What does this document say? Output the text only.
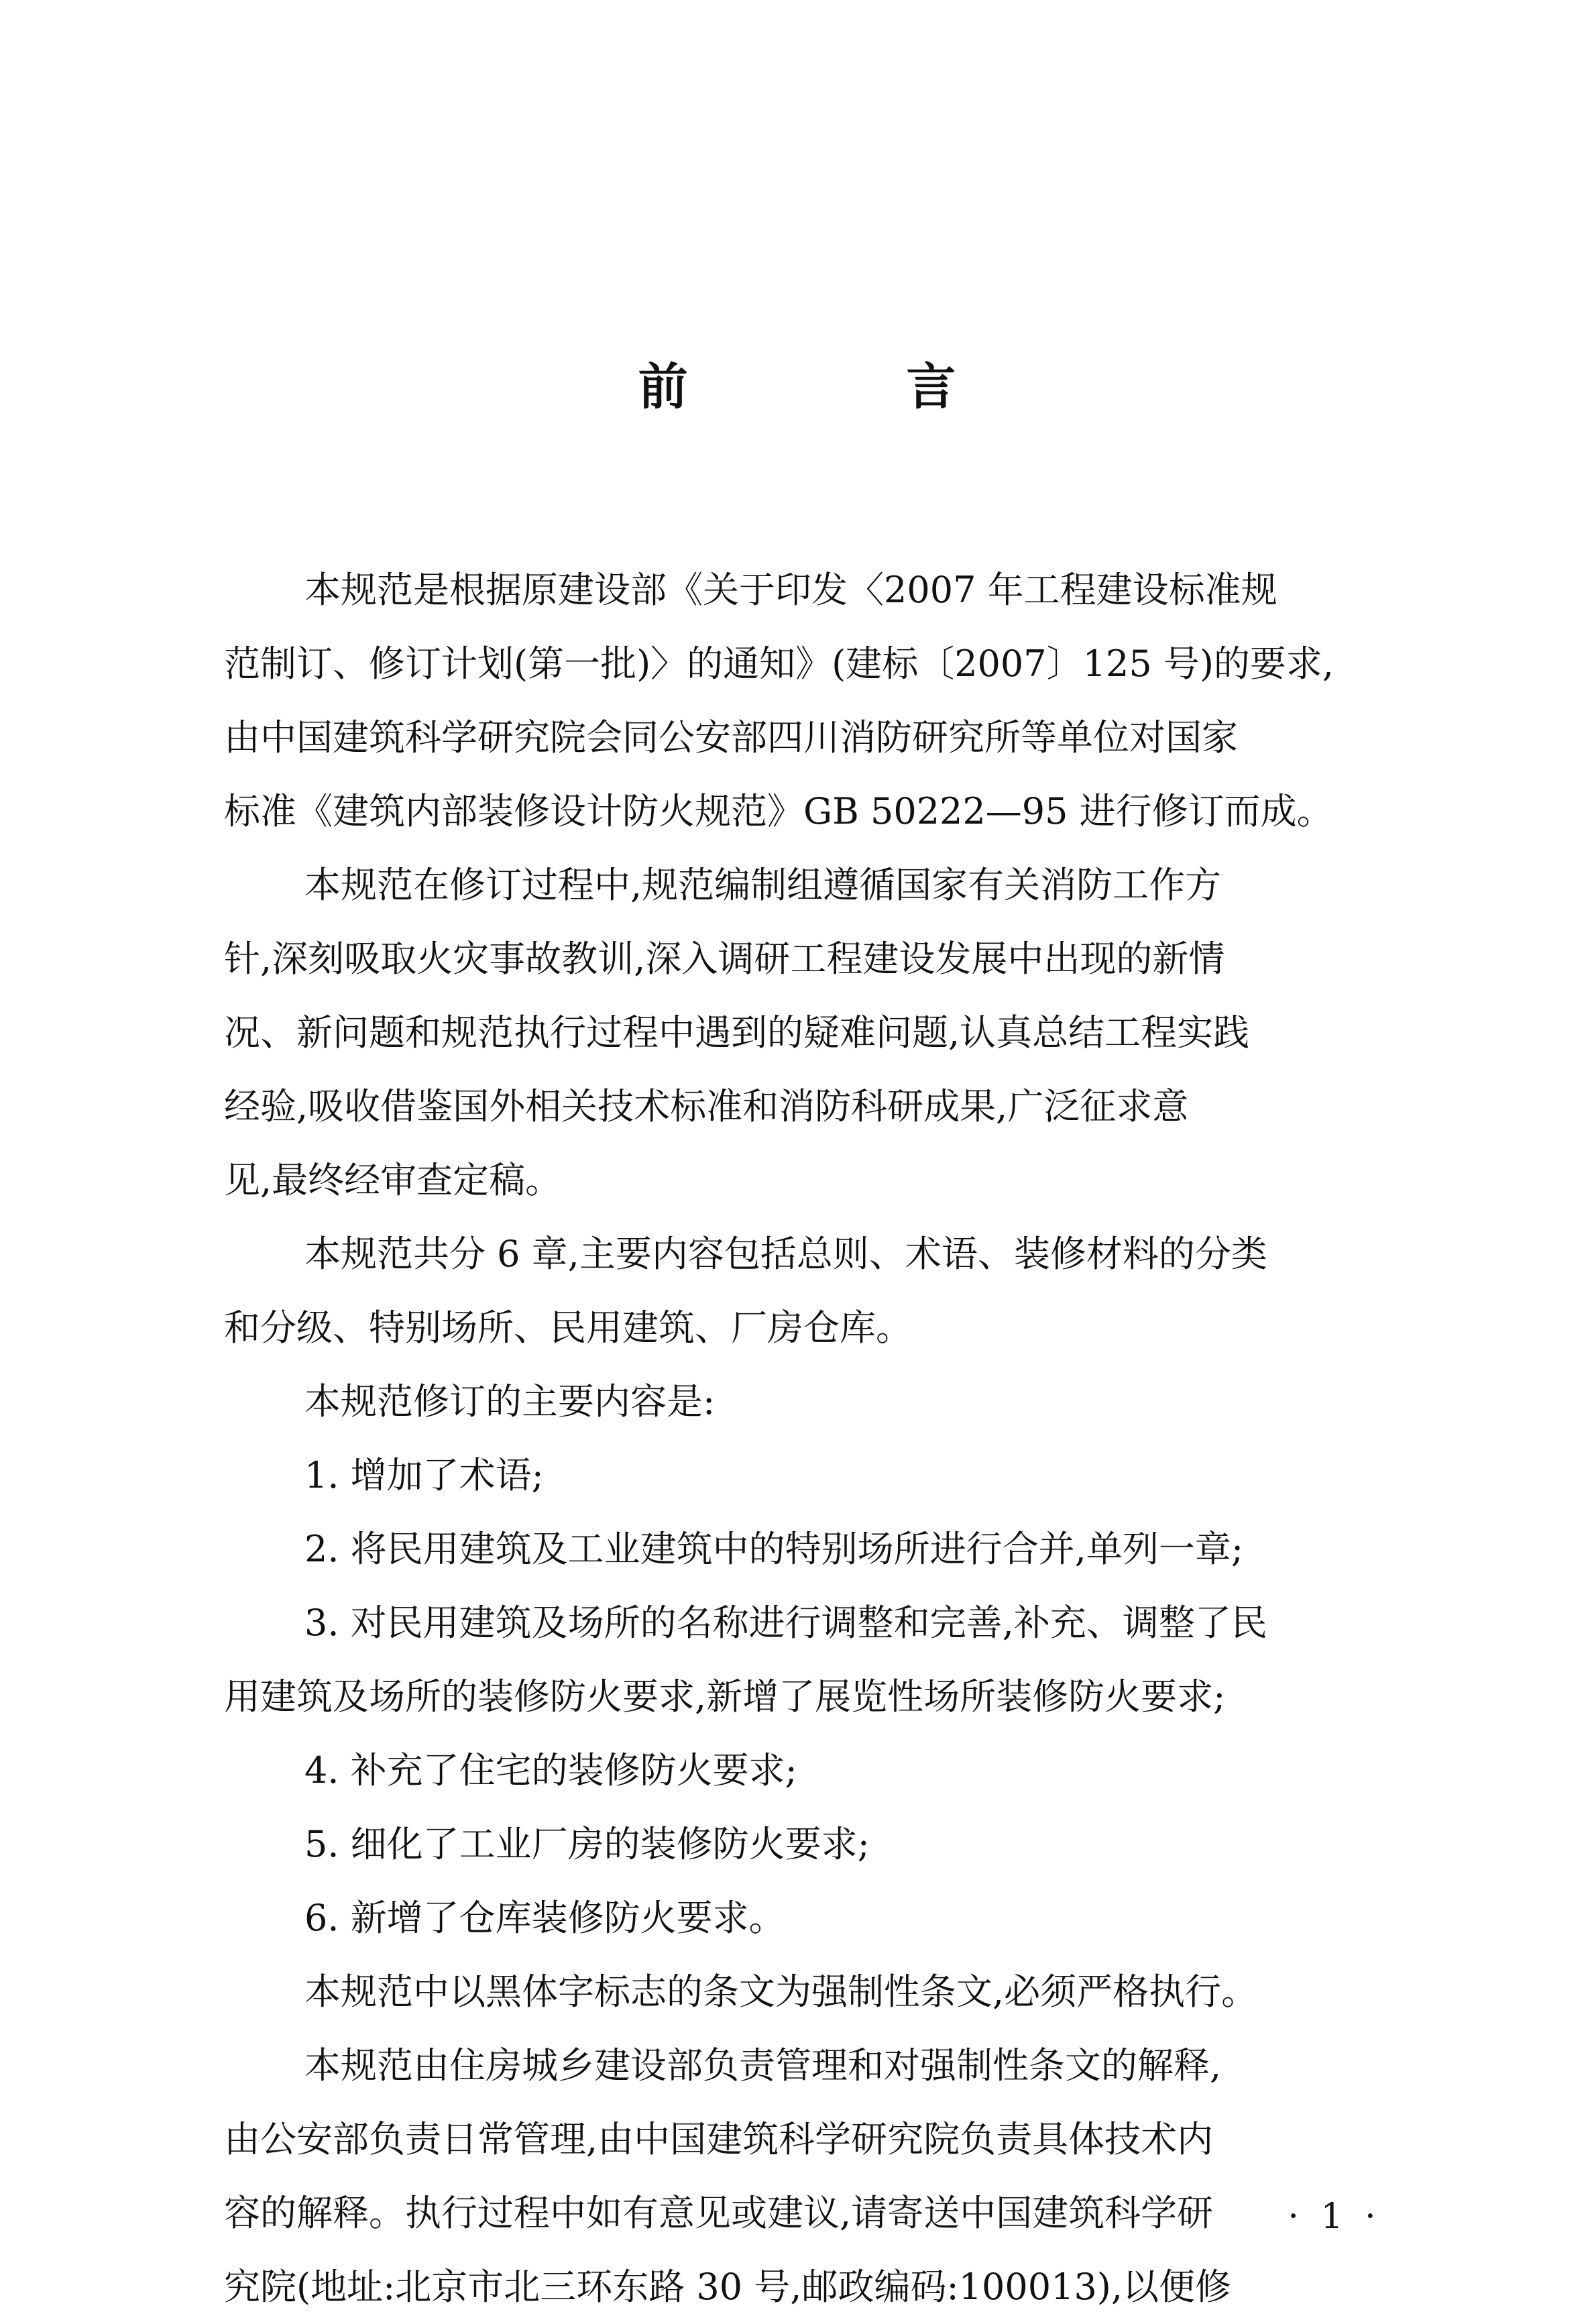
前 言

本规范是根据原建设部《关于印发〈2007 年工程建设标准规

范制订、修订计划(第一批)〉的通知》(建标〔2007〕125 号)的要求,

由中国建筑科学研究院会同公安部四川消防研究所等单位对国家

标准《建筑内部装修设计防火规范》GB 50222—95 进行修订而成。

本规范在修订过程中,规范编制组遵循国家有关消防工作方

针,深刻吸取火灾事故教训,深入调研工程建设发展中出现的新情

况、新问题和规范执行过程中遇到的疑难问题,认真总结工程实践

经验,吸收借鉴国外相关技术标准和消防科研成果,广泛征求意

见,最终经审查定稿。

本规范共分 6 章,主要内容包括总则、术语、装修材料的分类

和分级、特别场所、民用建筑、厂房仓库。

本规范修订的主要内容是:

1. 增加了术语;

2. 将民用建筑及工业建筑中的特别场所进行合并,单列一章;

3. 对民用建筑及场所的名称进行调整和完善,补充、调整了民

用建筑及场所的装修防火要求,新增了展览性场所装修防火要求;

4. 补充了住宅的装修防火要求;

5. 细化了工业厂房的装修防火要求;

6. 新增了仓库装修防火要求。

本规范中以黑体字标志的条文为强制性条文,必须严格执行。

本规范由住房城乡建设部负责管理和对强制性条文的解释,

由公安部负责日常管理,由中国建筑科学研究院负责具体技术内

容的解释。执行过程中如有意见或建议,请寄送中国建筑科学研

究院(地址:北京市北三环东路 30 号,邮政编码:100013),以便修

· 1 ·
